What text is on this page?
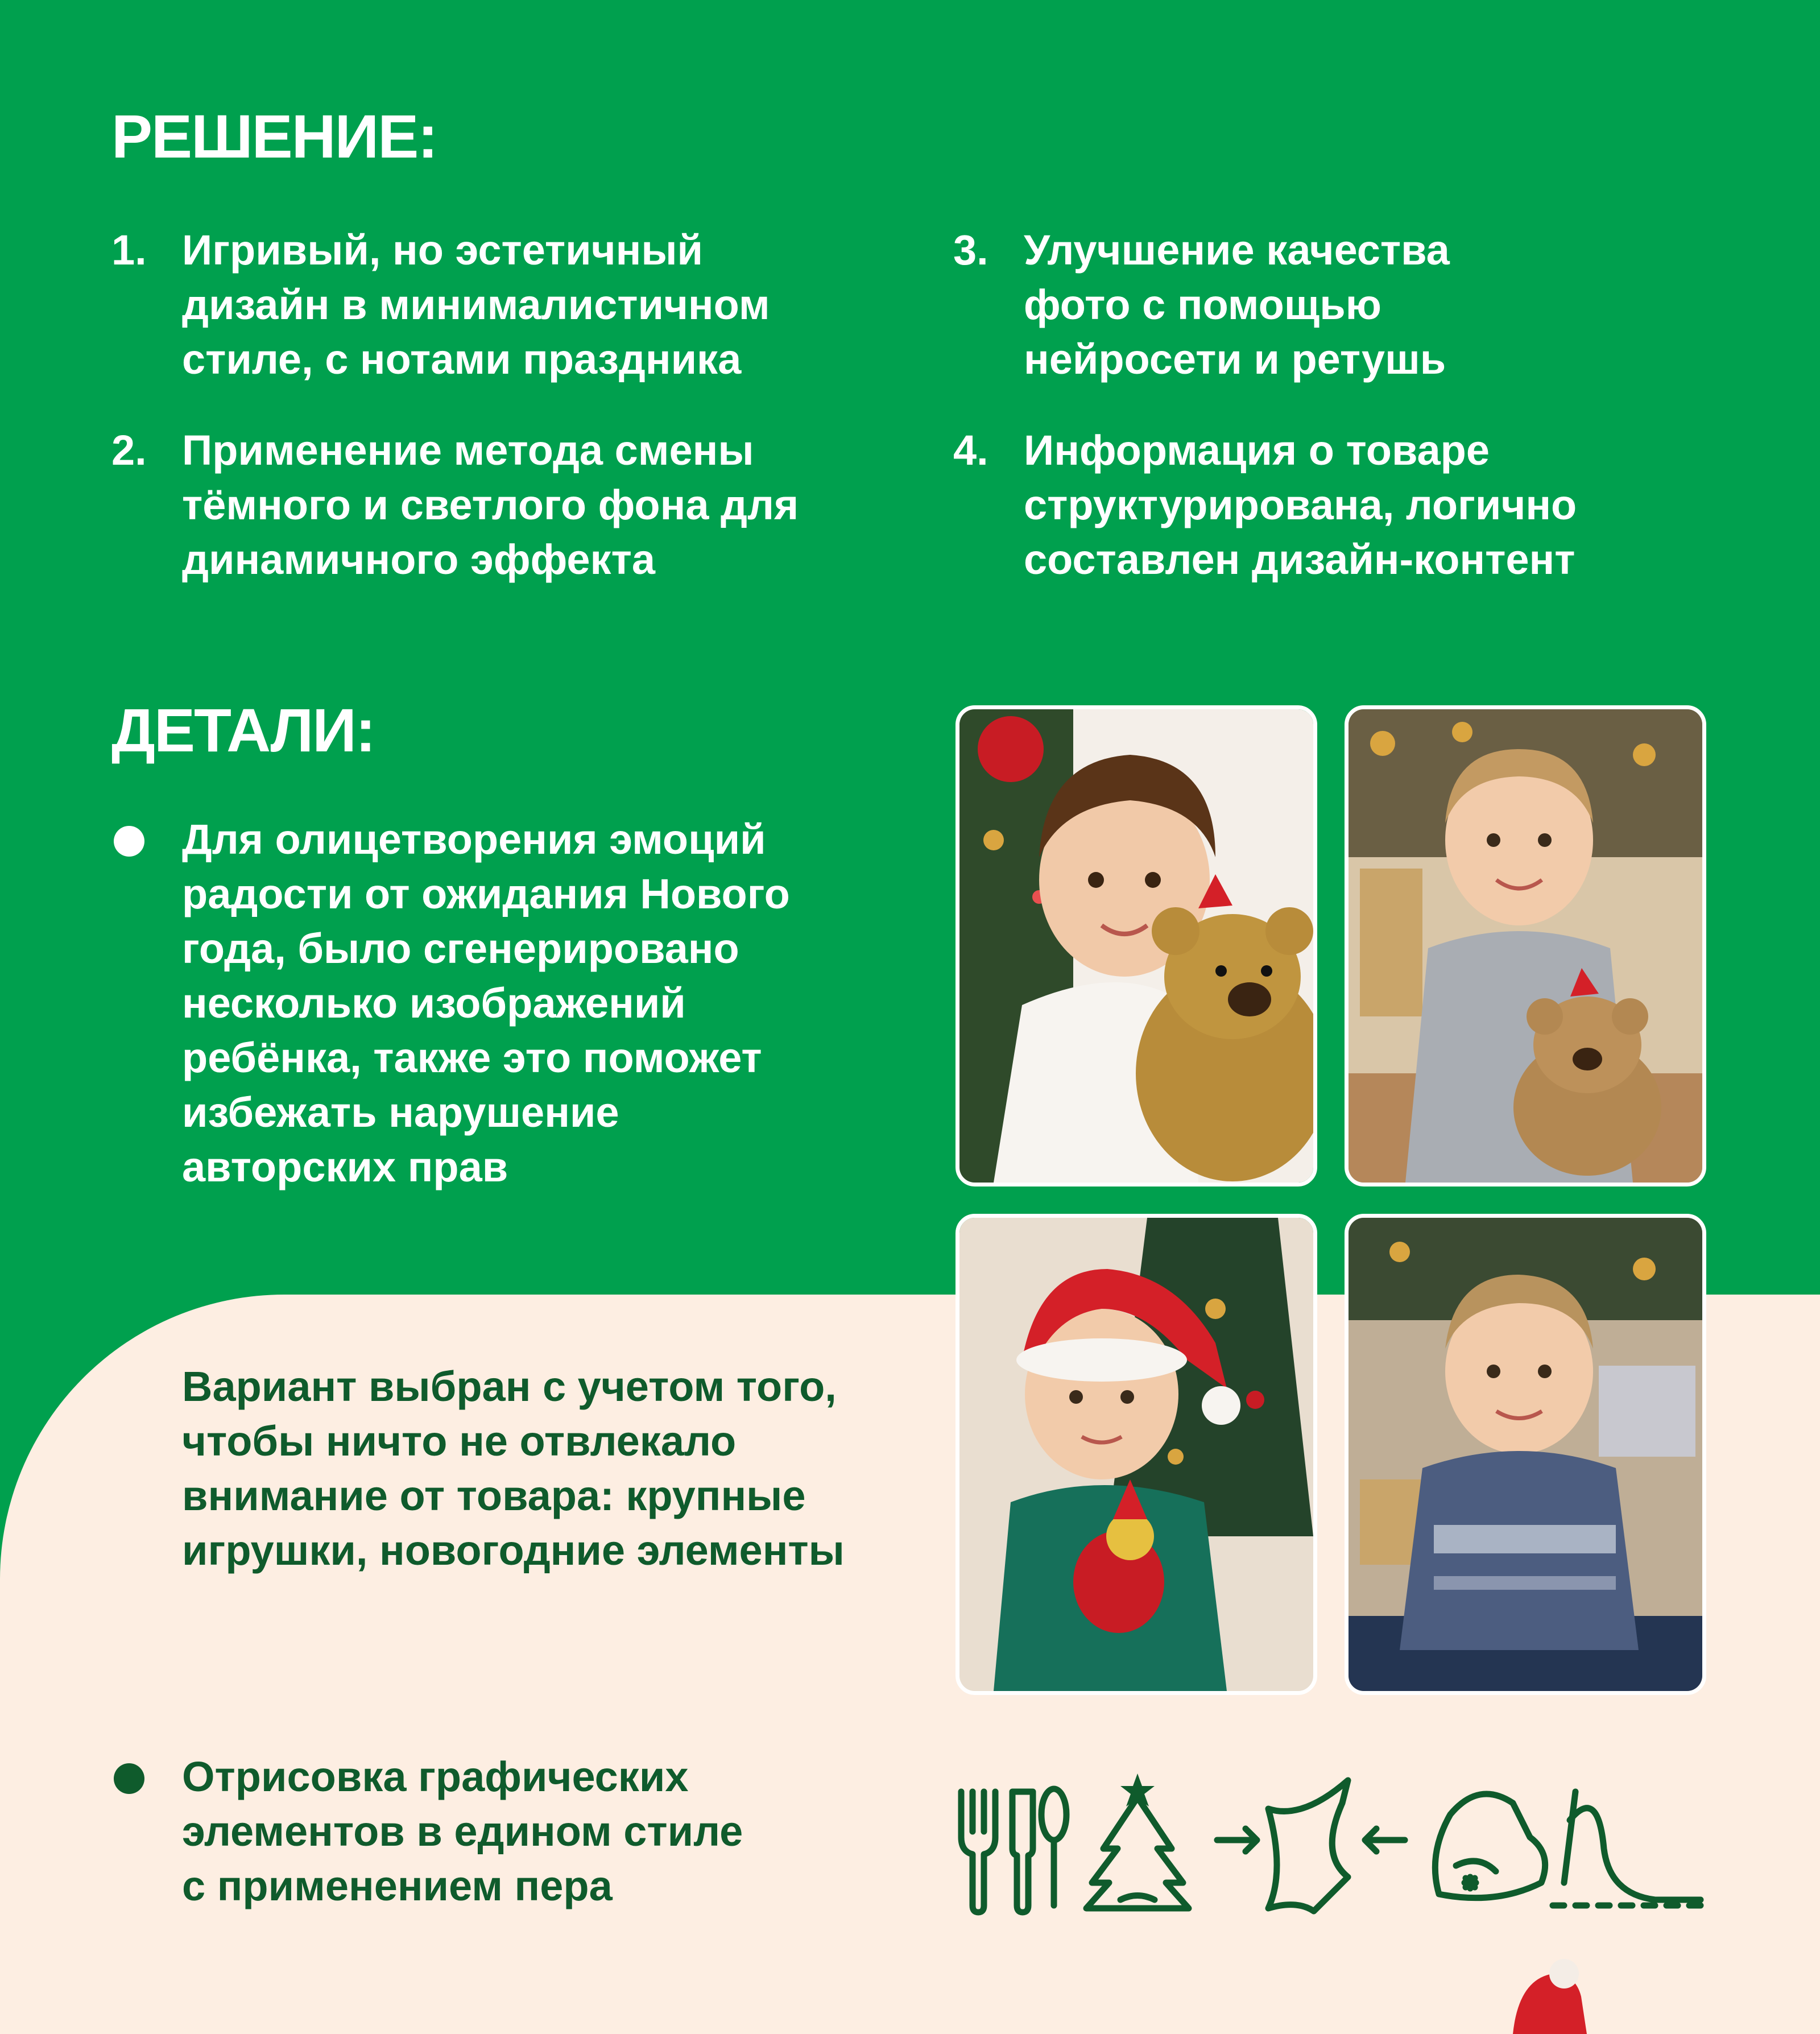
РЕШЕНИЕ:
1. Игривый, но эстетичный
дизайн в минималистичном
стиле, с нотами праздника
2. Применение метода смены
тёмного и светлого фона для
динамичного эффекта
3. Улучшение качества
фото с помощью
нейросети и ретушь
4. Информация о товаре
структурирована, логично
составлен дизайн-контент
ДЕТАЛИ:
Для олицетворения эмоций
радости от ожидания Нового
года, было сгенерировано
несколько изображений
ребёнка, также это поможет
избежать нарушение
авторских прав
Вариант выбран с учетом того,
чтобы ничто не отвлекало
внимание от товара: крупные
игрушки, новогодние элементы
Отрисовка графических
элементов в едином стиле
с применением пера
